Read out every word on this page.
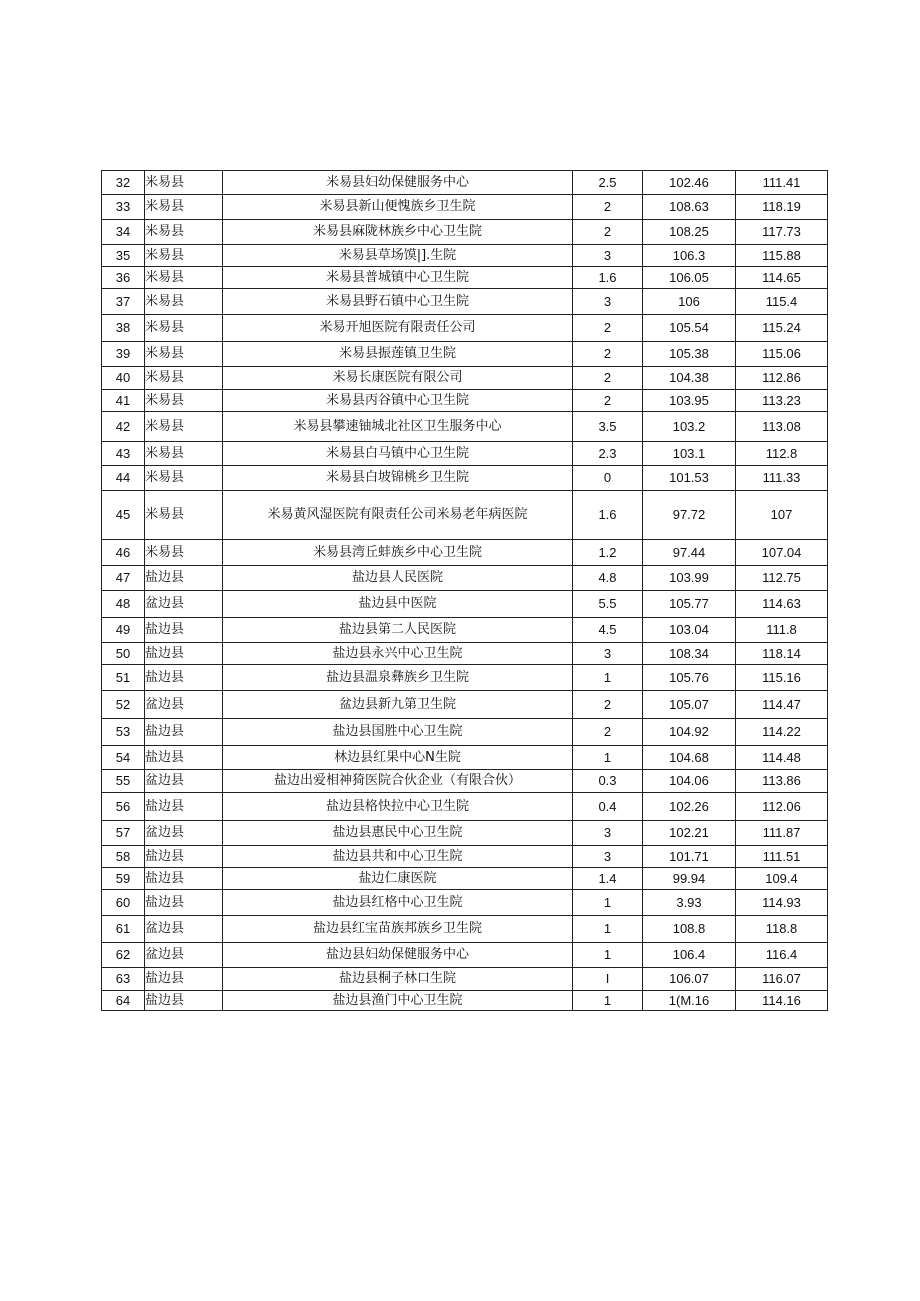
32	米易县	米易县妇幼保健服务中心	2.5	102.46	111.41
33	米易县	米易县新山便愧族乡卫生院	2	108.63	118.19
34	米易县	米易县麻陇林族乡中心卫生院	2	108.25	117.73
35	米易县	米易县草场馍|].生院	3	106.3	115.88
36	米易县	米易县普城镇中心卫生院	1.6	106.05	114.65
37	米易县	米易县野石镇中心卫生院	3	106	115.4
38	米易县	米易开旭医院有限责任公司	2	105.54	115.24
39	米易县	米易县振莲镇卫生院	2	105.38	115.06
40	米易县	米易长康医院有限公司	2	104.38	112.86
41	米易县	米易县丙谷镇中心卫生院	2	103.95	113.23
42	米易县	米易县攀速铀城北社区卫生服务中心	3.5	103.2	113.08
43	米易县	米易县白马镇中心卫生院	2.3	103.1	112.8
44	米易县	米易县白坡锦桃乡卫生院	0	101.53	111.33
45	米易县	米易黄风湿医院有限责任公司米易老年病医院	1.6	97.72	107
46	米易县	米易县湾丘蚌族乡中心卫生院	1.2	97.44	107.04
47	盐边县	盐边县人民医院	4.8	103.99	112.75
48	盆边县	盐边县中医院	5.5	105.77	114.63
49	盐边县	盐边县第二人民医院	4.5	103.04	111.8
50	盐边县	盐边县永兴中心卫生院	3	108.34	118.14
51	盐边县	盐边县温泉彝族乡卫生院	1	105.76	115.16
52	盆边县	盆边县新九第卫生院	2	105.07	114.47
53	盐边县	盐边县国胜中心卫生院	2	104.92	114.22
54	盐边县	林边县红果中心N生院	1	104.68	114.48
55	盆边县	盐边出爱相神猗医院合伙企业（有限合伙）	0.3	104.06	113.86
56	盐边县	盐边县格快拉中心卫生院	0.4	102.26	112.06
57	盆边县	盐边县惠民中心卫生院	3	102.21	111.87
58	盐边县	盐边县共和中心卫生院	3	101.71	111.51
59	盐边县	盐边仁康医院	1.4	99.94	109.4
60	盐边县	盐边县红格中心卫生院	1	3.93	114.93
61	盆边县	盐边县红宝苗族邦族乡卫生院	1	108.8	118.8
62	盆边县	盐边县妇幼保健服务中心	1	106.4	116.4
63	盐边县	盐边县桐子林口生院	I	106.07	116.07
64	盐边县	盐边县渔门中心卫生院	1	1(M.16	114.16
